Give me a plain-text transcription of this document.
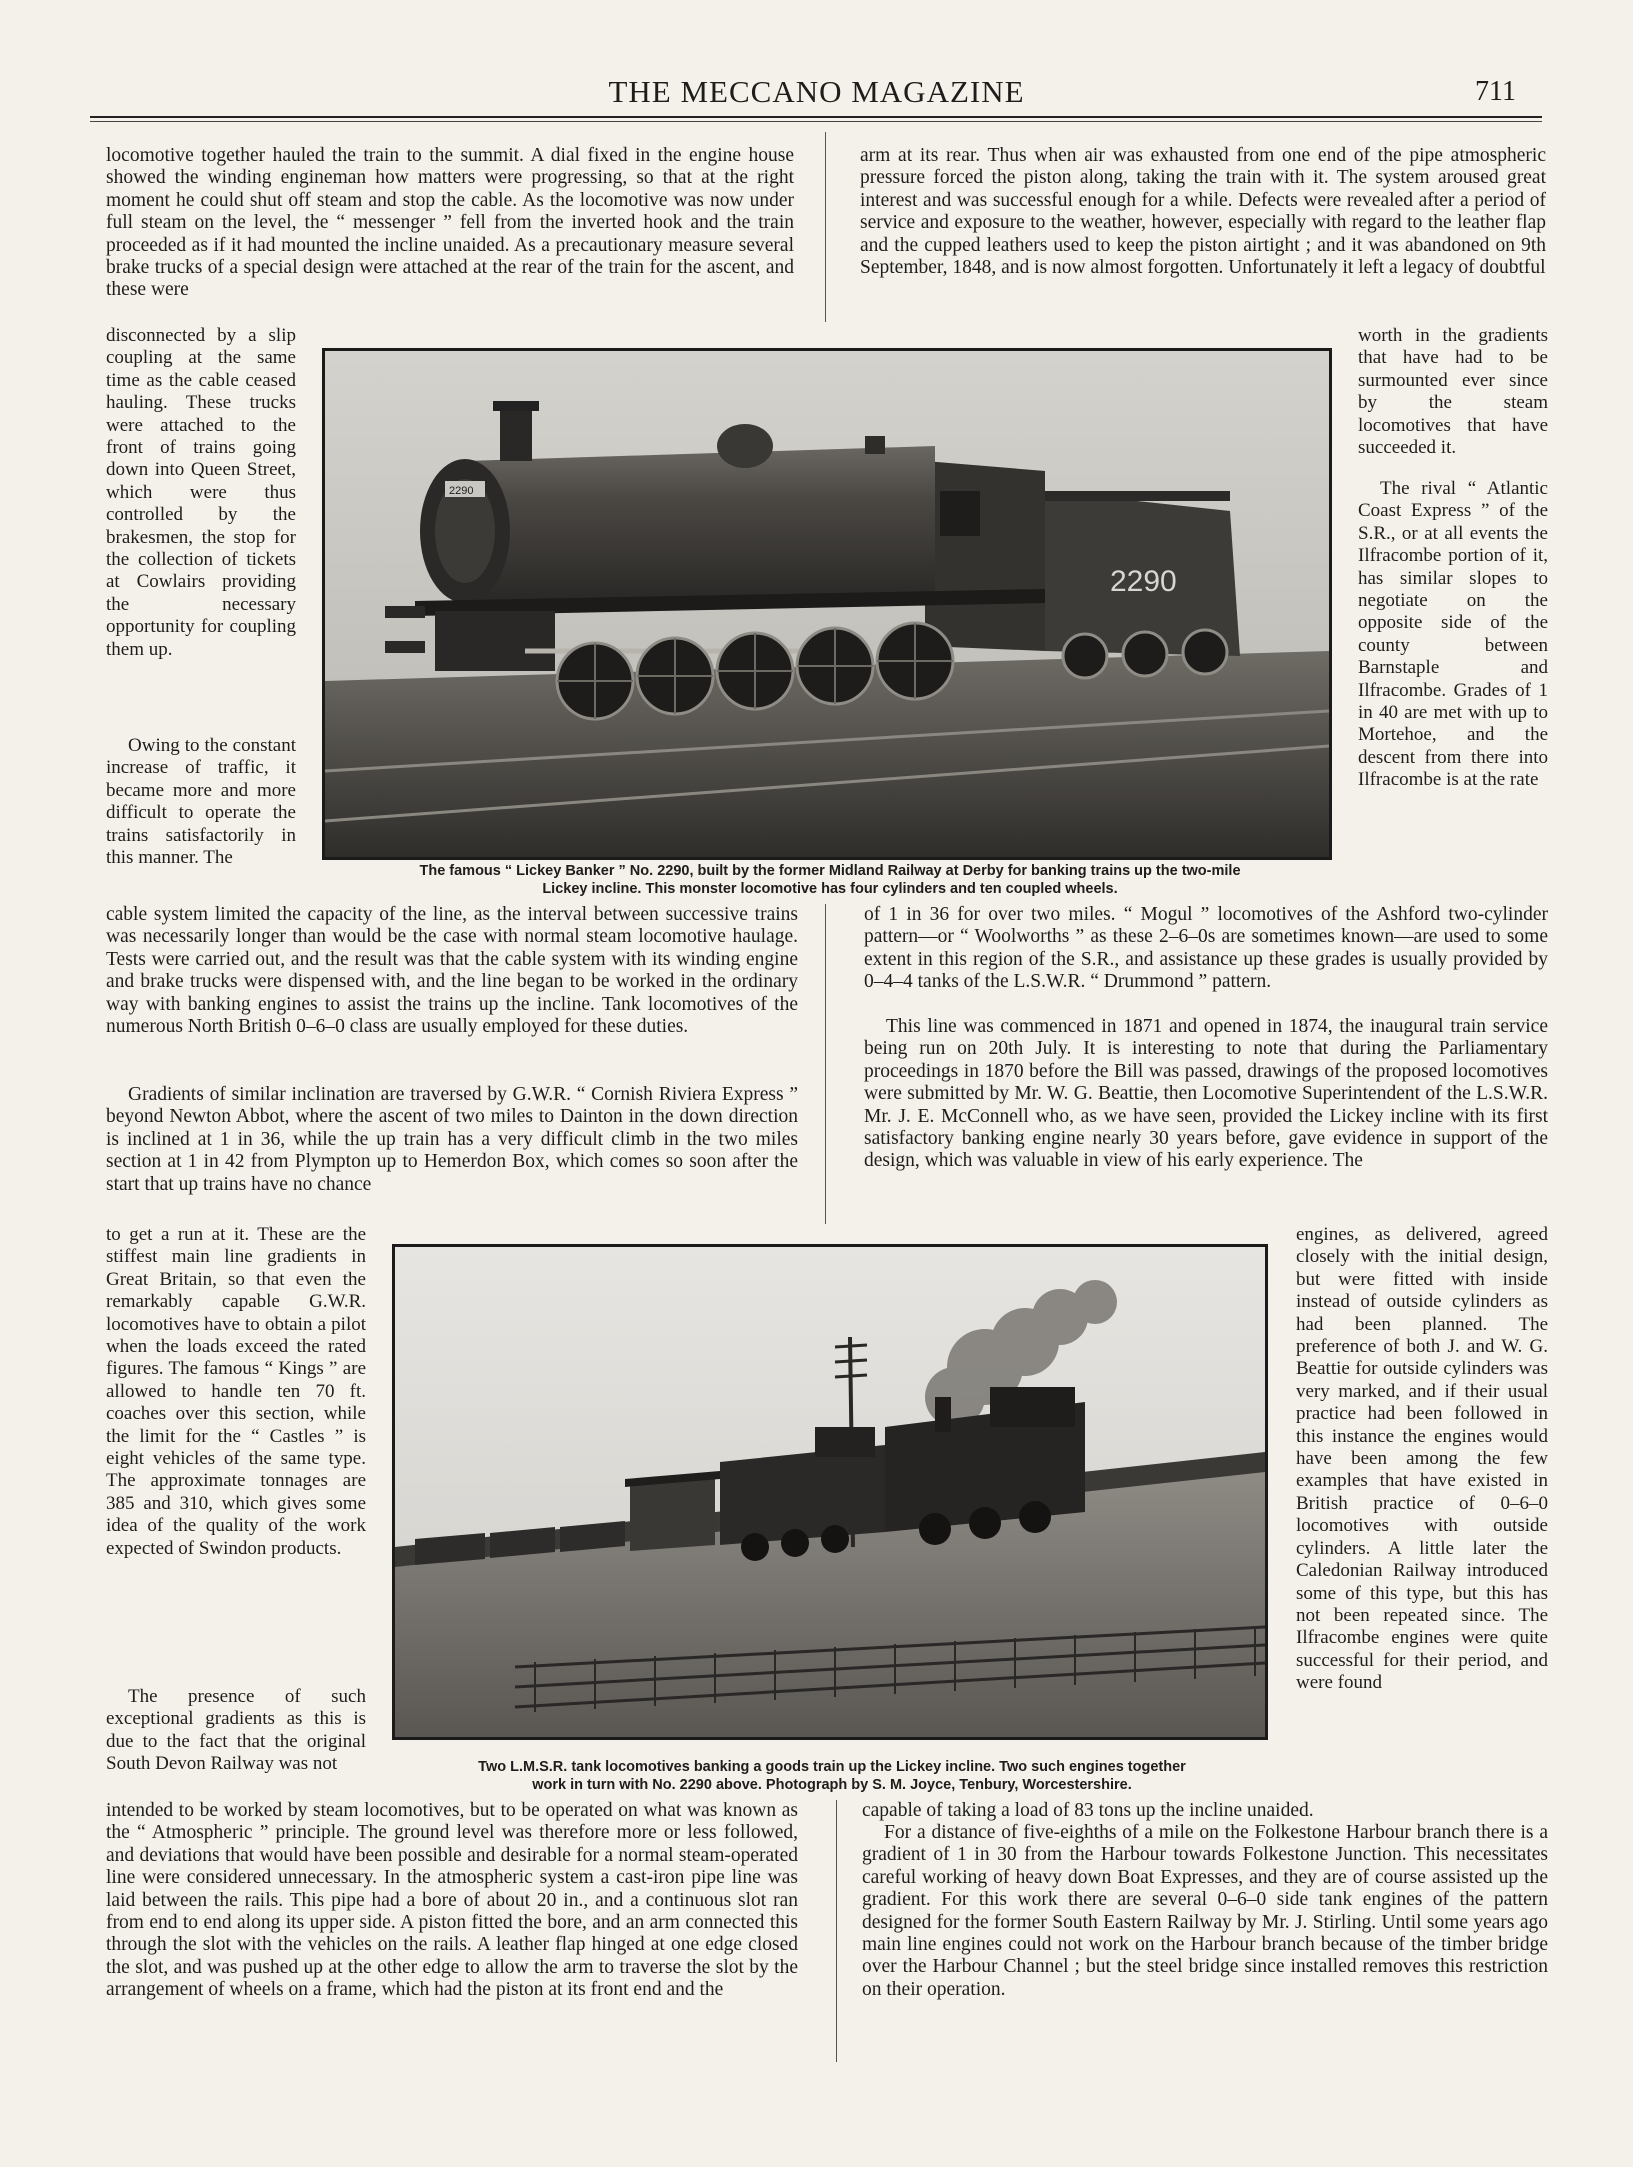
THE MECCANO MAGAZINE	711

locomotive together hauled the train to the summit. A dial fixed in the engine house showed the winding engineman how matters were progressing, so that at the right moment he could shut off steam and stop the cable. As the locomotive was now under full steam on the level, the “ messenger ” fell from the inverted hook and the train proceeded as if it had mounted the incline unaided. As a precautionary measure several brake trucks of a special design were attached at the rear of the train for the ascent, and these were

arm at its rear. Thus when air was exhausted from one end of the pipe atmospheric pressure forced the piston along, taking the train with it. The system aroused great interest and was successful enough for a while. Defects were revealed after a period of service and exposure to the weather, however, especially with regard to the leather flap and the cupped leathers used to keep the piston airtight ; and it was abandoned on 9th September, 1848, and is now almost forgotten. Unfortunately it left a legacy of doubtful

disconnected by a slip coupling at the same time as the cable ceased hauling. These trucks were attached to the front of trains going down into Queen Street, which were thus controlled by the brakesmen, the stop for the collection of tickets at Cowlairs providing the necessary opportunity for coupling them up.

Owing to the constant increase of traffic, it became more and more difficult to operate the trains satisfactorily in this manner. The

worth in the gradients that have had to be surmounted ever since by the steam locomotives that have succeeded it.

The rival “ Atlantic Coast Express ” of the S.R., or at all events the Ilfracombe portion of it, has similar slopes to negotiate on the opposite side of the county between Barnstaple and Ilfracombe. Grades of 1 in 40 are met with up to Mortehoe, and the descent from there into Ilfracombe is at the rate

2290
2290

The famous “ Lickey Banker ” No. 2290, built by the former Midland Railway at Derby for banking trains up the two-mile
Lickey incline. This monster locomotive has four cylinders and ten coupled wheels.

cable system limited the capacity of the line, as the interval between successive trains was necessarily longer than would be the case with normal steam locomotive haulage. Tests were carried out, and the result was that the cable system with its winding engine and brake trucks were dispensed with, and the line began to be worked in the ordinary way with banking engines to assist the trains up the incline. Tank locomotives of the numerous North British 0–6–0 class are usually employed for these duties.

Gradients of similar inclination are traversed by G.W.R. “ Cornish Riviera Express ” beyond Newton Abbot, where the ascent of two miles to Dainton in the down direction is inclined at 1 in 36, while the up train has a very difficult climb in the two miles section at 1 in 42 from Plympton up to Hemerdon Box, which comes so soon after the start that up trains have no chance

of 1 in 36 for over two miles. “ Mogul ” locomotives of the Ashford two-cylinder pattern—or “ Woolworths ” as these 2–6–0s are sometimes known—are used to some extent in this region of the S.R., and assistance up these grades is usually provided by 0–4–4 tanks of the L.S.W.R. “ Drummond ” pattern.

This line was commenced in 1871 and opened in 1874, the inaugural train service being run on 20th July. It is interesting to note that during the Parliamentary proceedings in 1870 before the Bill was passed, drawings of the proposed locomotives were submitted by Mr. W. G. Beattie, then Locomotive Superintendent of the L.S.W.R. Mr. J. E. McConnell who, as we have seen, provided the Lickey incline with its first satisfactory banking engine nearly 30 years before, gave evidence in support of the design, which was valuable in view of his early experience. The

to get a run at it. These are the stiffest main line gradients in Great Britain, so that even the remarkably capable G.W.R. locomotives have to obtain a pilot when the loads exceed the rated figures. The famous “ Kings ” are allowed to handle ten 70 ft. coaches over this section, while the limit for the “ Castles ” is eight vehicles of the same type. The approximate tonnages are 385 and 310, which gives some idea of the quality of the work expected of Swindon products.

The presence of such exceptional gradients as this is due to the fact that the original South Devon Railway was not

engines, as delivered, agreed closely with the initial design, but were fitted with inside instead of outside cylinders as had been planned. The preference of both J. and W. G. Beattie for outside cylinders was very marked, and if their usual practice had been followed in this instance the engines would have been among the few examples that have existed in British practice of 0–6–0 locomotives with outside cylinders. A little later the Caledonian Railway introduced some of this type, but this has not been repeated since. The Ilfracombe engines were quite successful for their period, and were found

Two L.M.S.R. tank locomotives banking a goods train up the Lickey incline. Two such engines together
work in turn with No. 2290 above. Photograph by S. M. Joyce, Tenbury, Worcestershire.

intended to be worked by steam locomotives, but to be operated on what was known as the “ Atmospheric ” principle. The ground level was therefore more or less followed, and deviations that would have been possible and desirable for a normal steam-operated line were considered unnecessary. In the atmospheric system a cast-iron pipe line was laid between the rails. This pipe had a bore of about 20 in., and a continuous slot ran from end to end along its upper side. A piston fitted the bore, and an arm connected this through the slot with the vehicles on the rails. A leather flap hinged at one edge closed the slot, and was pushed up at the other edge to allow the arm to traverse the slot by the arrangement of wheels on a frame, which had the piston at its front end and the

capable of taking a load of 83 tons up the incline unaided.

For a distance of five-eighths of a mile on the Folkestone Harbour branch there is a gradient of 1 in 30 from the Harbour towards Folkestone Junction. This necessitates careful working of heavy down Boat Expresses, and they are of course assisted up the gradient. For this work there are several 0–6–0 side tank engines of the pattern designed for the former South Eastern Railway by Mr. J. Stirling. Until some years ago main line engines could not work on the Harbour branch because of the timber bridge over the Harbour Channel ; but the steel bridge since installed removes this restriction on their operation.
